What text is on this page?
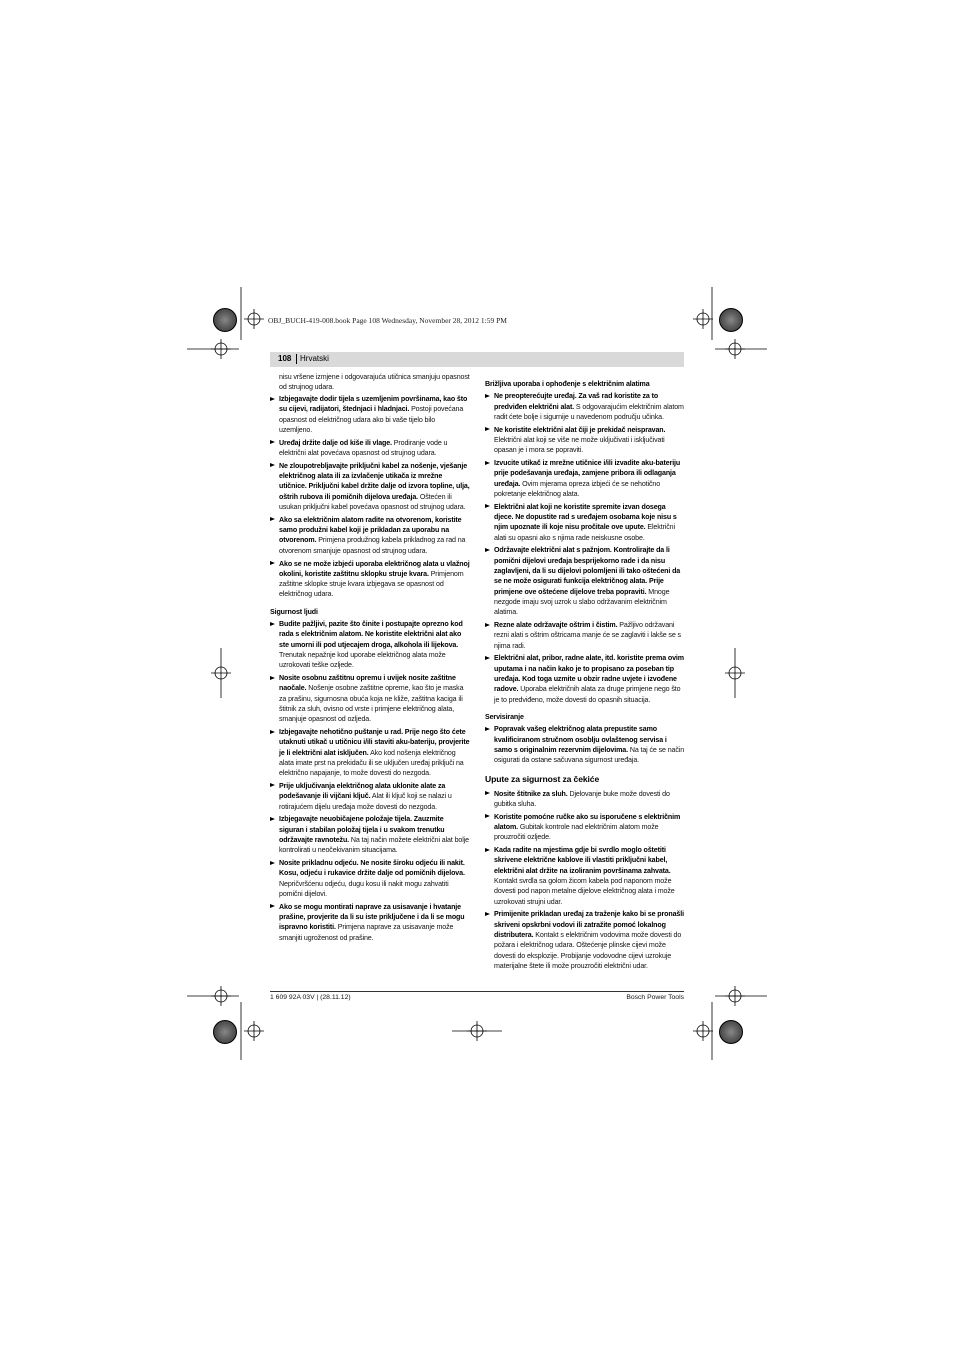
OBJ_BUCH-419-008.book Page 108 Wednesday, November 28, 2012 1:59 PM
108	Hrvatski

nisu vršene izmjene i odgovarajuća utičnica smanjuju opasnost od strujnog udara.

Izbjegavajte dodir tijela s uzemljenim površinama, kao što su cijevi, radijatori, štednjaci i hladnjaci. Postoji povećana opasnost od električnog udara ako bi vaše tijelo bilo uzemljeno.

Uređaj držite dalje od kiše ili vlage. Prodiranje vode u električni alat povećava opasnost od strujnog udara.

Ne zloupotrebljavajte priključni kabel za nošenje, vješanje električnog alata ili za izvlačenje utikača iz mrežne utičnice. Priključni kabel držite dalje od izvora topline, ulja, oštrih rubova ili pomičnih dijelova uređaja. Oštećen ili usukan priključni kabel povećava opasnost od strujnog udara.

Ako sa električnim alatom radite na otvorenom, koristite samo produžni kabel koji je prikladan za uporabu na otvorenom. Primjena produžnog kabela prikladnog za rad na otvorenom smanjuje opasnost od strujnog udara.

Ako se ne može izbjeći uporaba električnog alata u vlažnoj okolini, koristite zaštitnu sklopku struje kvara. Primjenom zaštitne sklopke struje kvara izbjegava se opasnost od električnog udara.

Sigurnost ljudi

Budite pažljivi, pazite što činite i postupajte oprezno kod rada s električnim alatom. Ne koristite električni alat ako ste umorni ili pod utjecajem droga, alkohola ili lijekova. Trenutak nepažnje kod uporabe električnog alata može uzrokovati teške ozljede.

Nosite osobnu zaštitnu opremu i uvijek nosite zaštitne naočale. Nošenje osobne zaštitne opreme, kao što je maska za prašinu, sigurnosna obuća koja ne kliže, zaštitna kaciga ili štitnik za sluh, ovisno od vrste i primjene električnog alata, smanjuje opasnost od ozljeda.

Izbjegavajte nehotično puštanje u rad. Prije nego što ćete utaknuti utikač u utičnicu i/ili staviti aku-bateriju, provjerite je li električni alat isključen. Ako kod nošenja električnog alata imate prst na prekidaču ili se uključen uređaj priključi na električno napajanje, to može dovesti do nezgoda.

Prije uključivanja električnog alata uklonite alate za podešavanje ili vijčani ključ. Alat ili ključ koji se nalazi u rotirajućem dijelu uređaja može dovesti do nezgoda.

Izbjegavajte neuobičajene položaje tijela. Zauzmite siguran i stabilan položaj tijela i u svakom trenutku održavajte ravnotežu. Na taj način možete električni alat bolje kontrolirati u neočekivanim situacijama.

Nosite prikladnu odjeću. Ne nosite široku odjeću ili nakit. Kosu, odjeću i rukavice držite dalje od pomičnih dijelova. Nepričvršćenu odjeću, dugu kosu ili nakit mogu zahvatiti pomični dijelovi.

Ako se mogu montirati naprave za usisavanje i hvatanje prašine, provjerite da li su iste priključene i da li se mogu ispravno koristiti. Primjena naprave za usisavanje može smanjiti ugroženost od prašine.

Brižljiva uporaba i ophođenje s električnim alatima

Ne preopterećujte uređaj. Za vaš rad koristite za to predviđen električni alat. S odgovarajućim električnim alatom radit ćete bolje i sigurnije u navedenom području učinka.

Ne koristite električni alat čiji je prekidač neispravan. Električni alat koji se više ne može uključivati i isključivati opasan je i mora se popraviti.

Izvucite utikač iz mrežne utičnice i/ili izvadite aku-bateriju prije podešavanja uređaja, zamjene pribora ili odlaganja uređaja. Ovim mjerama opreza izbjeći će se nehotično pokretanje električnog alata.

Električni alat koji ne koristite spremite izvan dosega djece. Ne dopustite rad s uređajem osobama koje nisu s njim upoznate ili koje nisu pročitale ove upute. Električni alati su opasni ako s njima rade neiskusne osobe.

Održavajte električni alat s pažnjom. Kontrolirajte da li pomični dijelovi uređaja besprijekorno rade i da nisu zaglavljeni, da li su dijelovi polomljeni ili tako oštećeni da se ne može osigurati funkcija električnog alata. Prije primjene ove oštećene dijelove treba popraviti. Mnoge nezgode imaju svoj uzrok u slabo održavanim električnim alatima.

Rezne alate održavajte oštrim i čistim. Pažljivo održavani rezni alati s oštrim oštricama manje će se zaglaviti i lakše se s njima radi.

Električni alat, pribor, radne alate, itd. koristite prema ovim uputama i na način kako je to propisano za poseban tip uređaja. Kod toga uzmite u obzir radne uvjete i izvođene radove. Uporaba električnih alata za druge primjene nego što je to predviđeno, može dovesti do opasnih situacija.

Servisiranje

Popravak vašeg električnog alata prepustite samo kvalificiranom stručnom osoblju ovlaštenog servisa i samo s originalnim rezervnim dijelovima. Na taj će se način osigurati da ostane sačuvana sigurnost uređaja.

Upute za sigurnost za čekiće

Nosite štitnike za sluh. Djelovanje buke može dovesti do gubitka sluha.

Koristite pomoćne ručke ako su isporučene s električnim alatom. Gubitak kontrole nad električnim alatom može prouzročiti ozljede.

Kada radite na mjestima gdje bi svrdlo moglo oštetiti skrivene električne kablove ili vlastiti priključni kabel, električni alat držite na izoliranim površinama zahvata. Kontakt svrdla sa golom žicom kabela pod naponom može dovesti pod napon metalne dijelove električnog alata i može uzrokovati strujni udar.

Primijenite prikladan uređaj za traženje kako bi se pronašli skriveni opskrbni vodovi ili zatražite pomoć lokalnog distributera. Kontakt s električnim vodovima može dovesti do požara i električnog udara. Oštećenje plinske cijevi može dovesti do eksplozije. Probijanje vodovodne cijevi uzrokuje materijalne štete ili može prouzročiti električni udar.

1 609 92A 03V | (28.11.12)	Bosch Power Tools
